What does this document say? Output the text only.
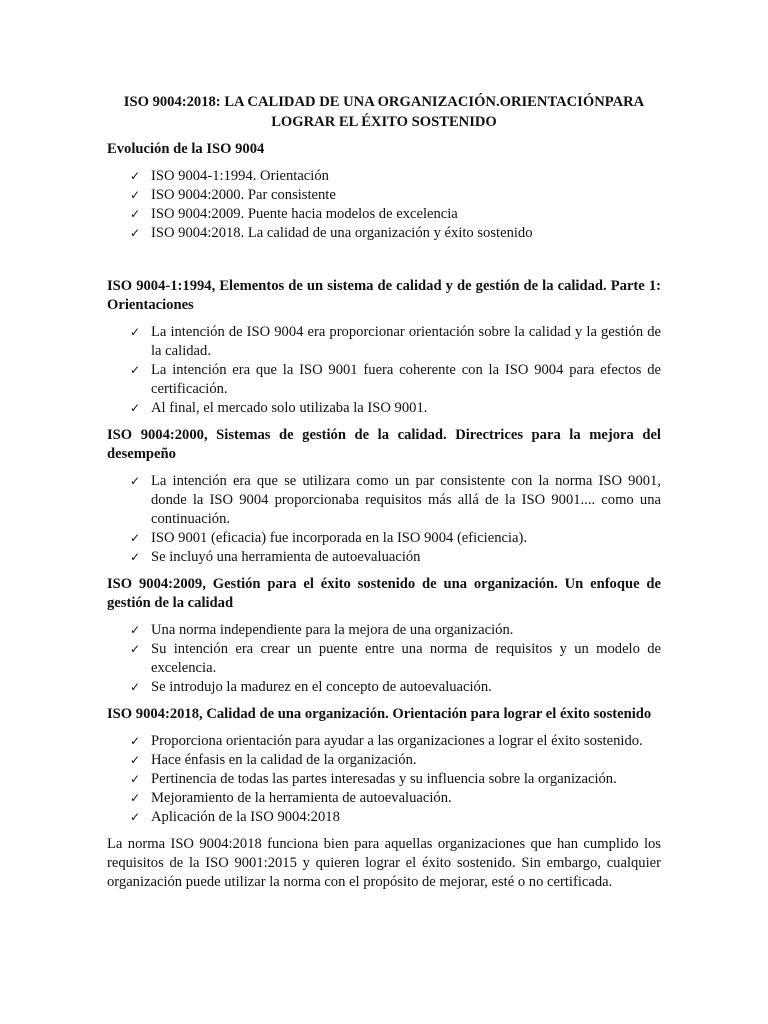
ISO 9004:2018: LA CALIDAD DE UNA ORGANIZACIÓN.ORIENTACIÓNPARA LOGRAR EL ÉXITO SOSTENIDO
Evolución de la ISO 9004
✓ ISO 9004-1:1994. Orientación
✓ ISO 9004:2000. Par consistente
✓ ISO 9004:2009. Puente hacia modelos de excelencia
✓ ISO 9004:2018. La calidad de una organización y éxito sostenido
ISO 9004-1:1994, Elementos de un sistema de calidad y de gestión de la calidad. Parte 1: Orientaciones
✓ La intención de ISO 9004 era proporcionar orientación sobre la calidad y la gestión de la calidad.
✓ La intención era que la ISO 9001 fuera coherente con la ISO 9004 para efectos de certificación.
✓ Al final, el mercado solo utilizaba la ISO 9001.
ISO 9004:2000, Sistemas de gestión de la calidad. Directrices para la mejora del desempeño
✓ La intención era que se utilizara como un par consistente con la norma ISO 9001, donde la ISO 9004 proporcionaba requisitos más allá de la ISO 9001.... como una continuación.
✓ ISO 9001 (eficacia) fue incorporada en la ISO 9004 (eficiencia).
✓ Se incluyó una herramienta de autoevaluación
ISO 9004:2009, Gestión para el éxito sostenido de una organización. Un enfoque de gestión de la calidad
✓ Una norma independiente para la mejora de una organización.
✓ Su intención era crear un puente entre una norma de requisitos y un modelo de excelencia.
✓ Se introdujo la madurez en el concepto de autoevaluación.
ISO 9004:2018, Calidad de una organización. Orientación para lograr el éxito sostenido
✓ Proporciona orientación para ayudar a las organizaciones a lograr el éxito sostenido.
✓ Hace énfasis en la calidad de la organización.
✓ Pertinencia de todas las partes interesadas y su influencia sobre la organización.
✓ Mejoramiento de la herramienta de autoevaluación.
✓ Aplicación de la ISO 9004:2018

La norma ISO 9004:2018 funciona bien para aquellas organizaciones que han cumplido los requisitos de la ISO 9001:2015 y quieren lograr el éxito sostenido. Sin embargo, cualquier organización puede utilizar la norma con el propósito de mejorar, esté o no certificada.
